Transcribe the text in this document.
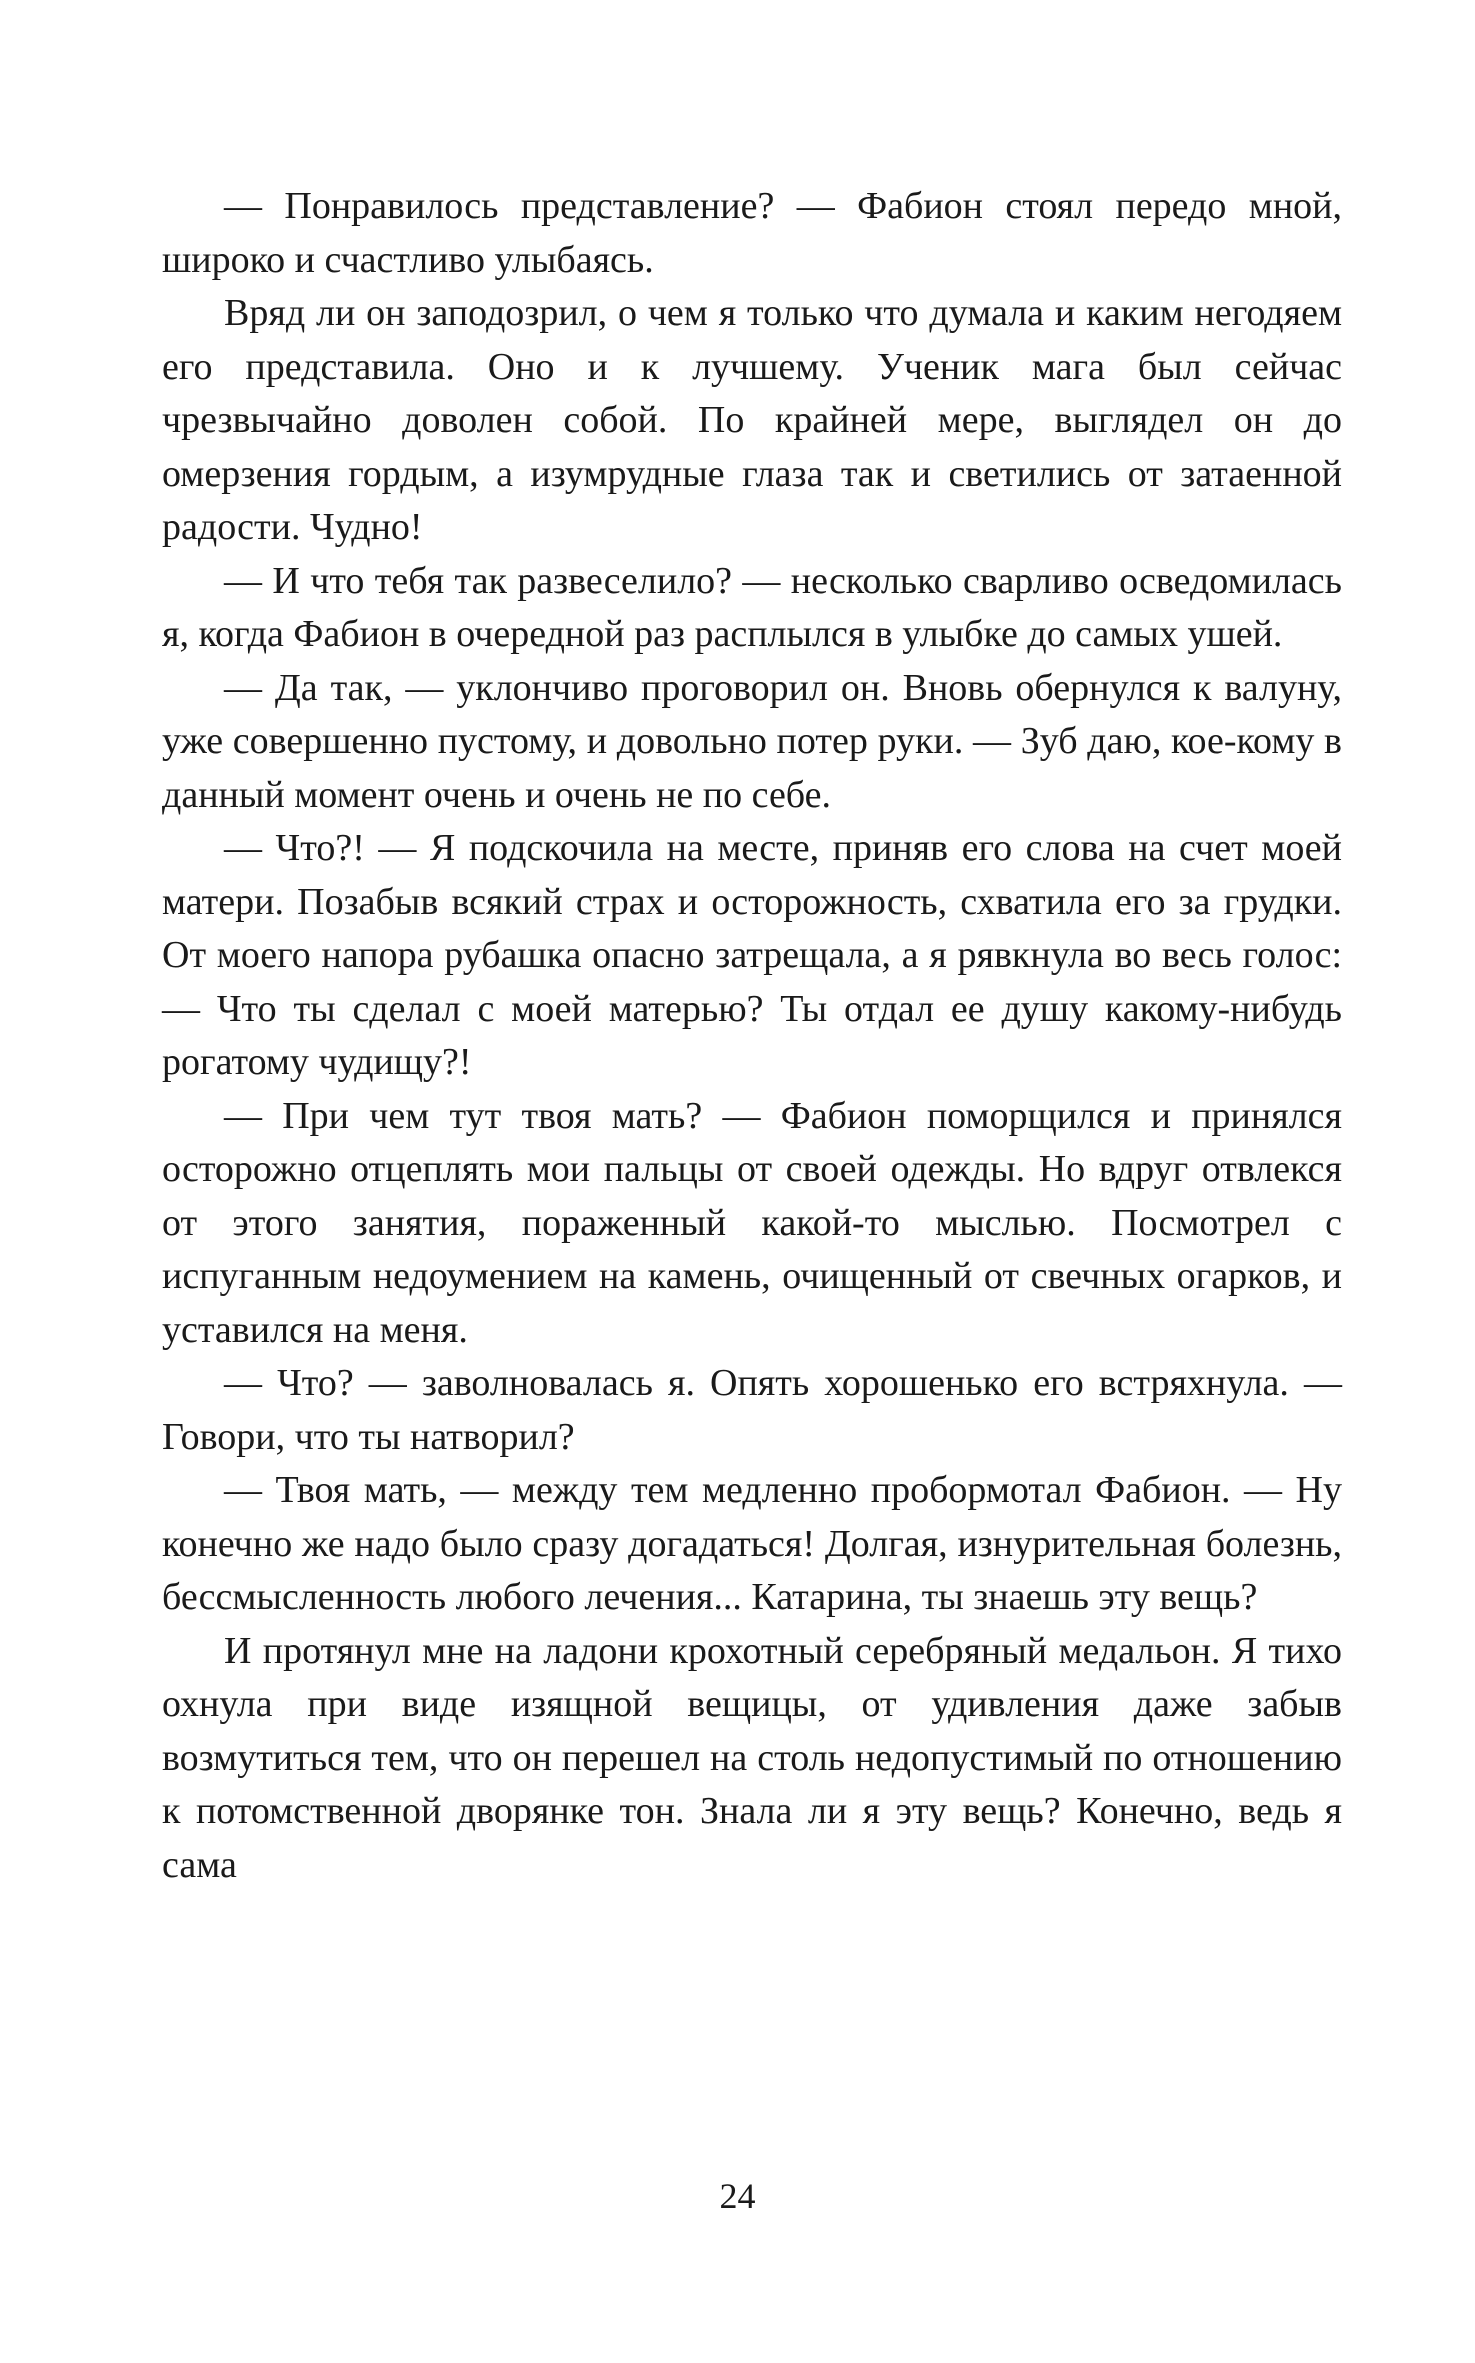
— Понравилось представление? — Фабион стоял передо мной, широко и счастливо улыбаясь.

Вряд ли он заподозрил, о чем я только что думала и каким негодяем его представила. Оно и к лучшему. Ученик мага был сейчас чрезвычайно доволен собой. По крайней мере, выглядел он до омерзения гордым, а изумрудные глаза так и светились от затаенной радости. Чудно!

— И что тебя так развеселило? — несколько сварливо осведомилась я, когда Фабион в очередной раз расплылся в улыбке до самых ушей.

— Да так, — уклончиво проговорил он. Вновь обернулся к валуну, уже совершенно пустому, и довольно потер руки. — Зуб даю, кое-кому в данный момент очень и очень не по себе.

— Что?! — Я подскочила на месте, приняв его слова на счет моей матери. Позабыв всякий страх и осторожность, схватила его за грудки. От моего напора рубашка опасно затрещала, а я рявкнула во весь голос: — Что ты сделал с моей матерью? Ты отдал ее душу какому-нибудь рогатому чудищу?!

— При чем тут твоя мать? — Фабион поморщился и принялся осторожно отцеплять мои пальцы от своей одежды. Но вдруг отвлекся от этого занятия, пораженный какой-то мыслью. Посмотрел с испуганным недоумением на камень, очищенный от свечных огарков, и уставился на меня.

— Что? — заволновалась я. Опять хорошенько его встряхнула. — Говори, что ты натворил?

— Твоя мать, — между тем медленно пробормотал Фабион. — Ну конечно же надо было сразу догадаться! Долгая, изнурительная болезнь, бессмысленность любого лечения... Катарина, ты знаешь эту вещь?

И протянул мне на ладони крохотный серебряный медальон. Я тихо охнула при виде изящной вещицы, от удивления даже забыв возмутиться тем, что он перешел на столь недопустимый по отношению к потомственной дворянке тон. Знала ли я эту вещь? Конечно, ведь я сама

24
